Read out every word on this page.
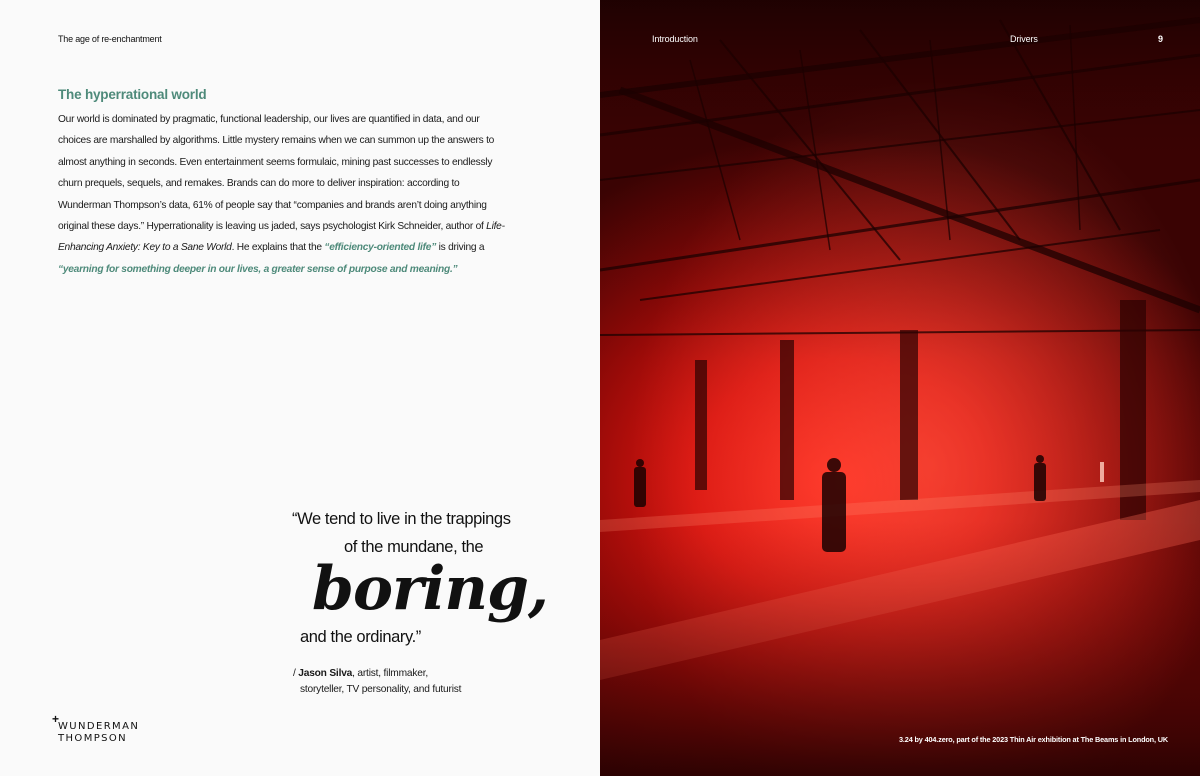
The age of re-enchantment
The hyperrational world
Our world is dominated by pragmatic, functional leadership, our lives are quantified in data, and our choices are marshalled by algorithms. Little mystery remains when we can summon up the answers to almost anything in seconds. Even entertainment seems formulaic, mining past successes to endlessly churn prequels, sequels, and remakes. Brands can do more to deliver inspiration: according to Wunderman Thompson’s data, 61% of people say that “companies and brands aren’t doing anything original these days.” Hyperrationality is leaving us jaded, says psychologist Kirk Schneider, author of Life-Enhancing Anxiety: Key to a Sane World. He explains that the “efficiency-oriented life” is driving a “yearning for something deeper in our lives, a greater sense of purpose and meaning.”
“We tend to live in the trappings
of the mundane, the
boring,
and the ordinary.”
/ Jason Silva, artist, filmmaker,
storyteller, TV personality, and futurist
+
WUNDERMAN
THOMPSON
Introduction	Drivers	9
3.24 by 404.zero, part of the 2023 Thin Air exhibition at The Beams in London, UK
